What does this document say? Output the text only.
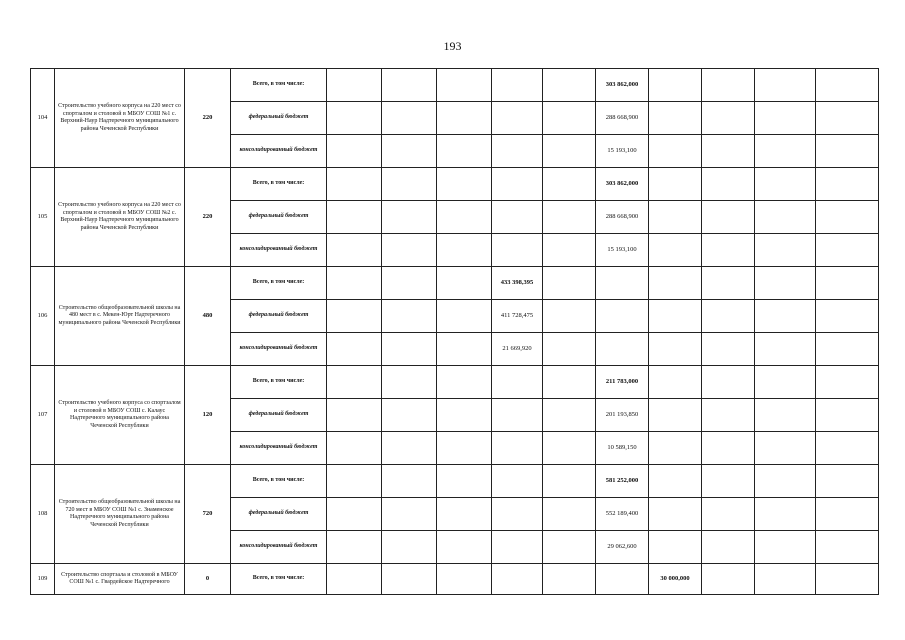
193
104	Строительство учебного корпуса на 220 мест со спортзалом и столовой в МБОУ СОШ №1 с. Верхний-Наур Надтеречного муниципального района Чеченской Республики	220	Всего, в том числе:						303 862,000				
			федеральный бюджет						288 668,900				
			консолидированный бюджет						15 193,100				
105	Строительство учебного корпуса на 220 мест со спортзалом и столовой в МБОУ СОШ №2 с. Верхний-Наур Надтеречного муниципального района Чеченской Республики	220	Всего, в том числе:						303 862,000				
			федеральный бюджет						288 668,900				
			консолидированный бюджет						15 193,100				
106	Строительство общеобразовательной школы на 480 мест в с. Мекен-Юрт Надтеречного муниципального района Чеченской Республики	480	Всего, в том числе:				433 398,395						
			федеральный бюджет				411 728,475						
			консолидированный бюджет				21 669,920						
107	Строительство учебного корпуса со спортзалом и столовой в МБОУ СОШ с. Калаус Надтеречного муниципального района Чеченской Республики	120	Всего, в том числе:						211 783,000				
			федеральный бюджет						201 193,850				
			консолидированный бюджет						10 589,150				
108	Строительство общеобразовательной школы на 720 мест в МБОУ СОШ №1 с. Знаменское Надтеречного муниципального района Чеченской Республики	720	Всего, в том числе:						581 252,000				
			федеральный бюджет						552 189,400				
			консолидированный бюджет						29 062,600				
109	Строительство спортзала и столовой в МБОУ СОШ №1 с. Гвардейское Надтеречного	0	Всего, в том числе:							30 000,000			
